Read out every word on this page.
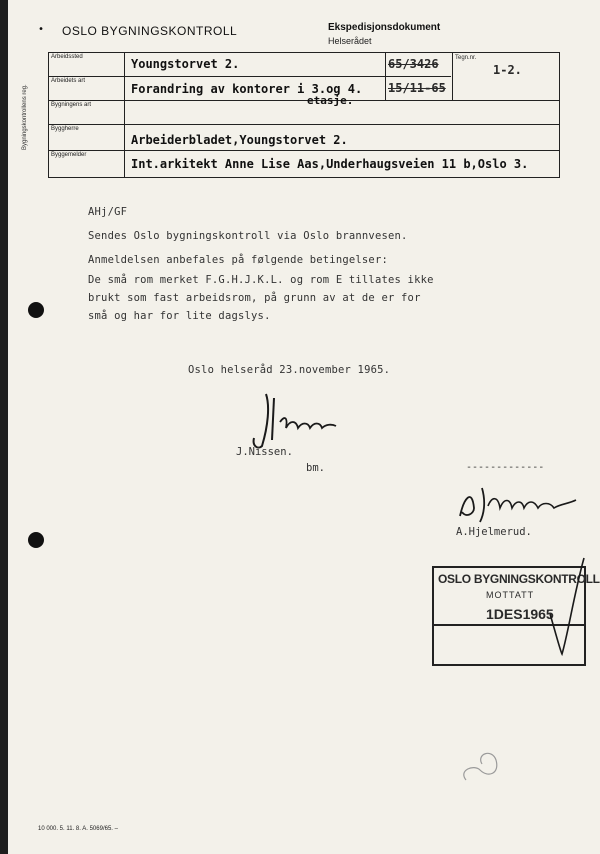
• OSLO BYGNINGSKONTROLL	Ekspedisjonsdokument
Helserådet
Bygningskontrollens reg.
Arbeidssted
Arbeidets art
Bygningens art
Byggherre
Byggemelder
Youngstorvet 2.
Forandring av kontorer i 3.og 4.
etasje.
Arbeiderbladet,Youngstorvet 2.
Int.arkitekt Anne Lise Aas,Underhaugsveien 11 b,Oslo 3.
65/3426
15/11-65
Tegn.nr.
1-2.
AHj/GF
Sendes Oslo bygningskontroll via Oslo brannvesen.
Anmeldelsen anbefales på følgende betingelser:
De små rom merket F.G.H.J.K.L. og rom E tillates ikke
brukt som fast arbeidsrom, på grunn av at de er for
små og har for lite dagslys.
Oslo helseråd 23.november 1965.
J.Nissen.
bm.	-------------
A.Hjelmerud.
OSLO BYGNINGSKONTROLL
MOTTATT
1DES1965
10 000. 5. 11. 8. A. 5069/65. –
